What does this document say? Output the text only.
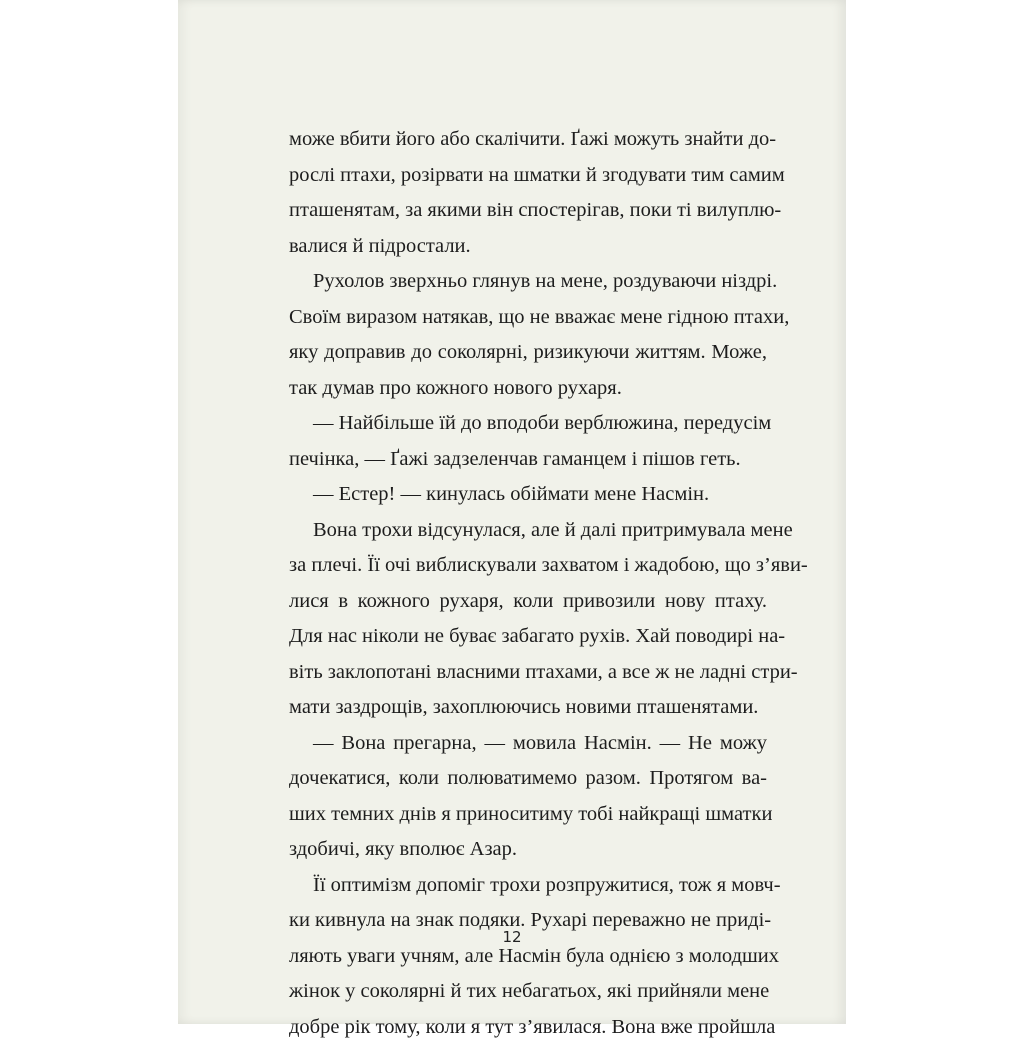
може вбити його або скалічити. Ґажі можуть знайти до-
рослі птахи, розірвати на шматки й згодувати тим самим
пташенятам, за якими він спостерігав, поки ті вилуплю-
валися й підростали.
Рухолов зверхньо глянув на мене, роздуваючи ніздрі.
Своїм виразом натякав, що не вважає мене гідною птахи,
яку доправив до соколярні, ризикуючи життям. Може,
так думав про кожного нового рухаря.
— Найбільше їй до вподоби верблюжина, передусім
печінка, — Ґажі задзеленчав гаманцем і пішов геть.
— Естер! — кинулась обіймати мене Насмін.
Вона трохи відсунулася, але й далі притримувала мене
за плечі. Її очі виблискували захватом і жадобою, що з’яви-
лися в кожного рухаря, коли привозили нову птаху.
Для нас ніколи не буває забагато рухів. Хай поводирі на-
віть заклопотані власними птахами, а все ж не ладні стри-
мати заздрощів, захоплюючись новими пташенятами.
— Вона прегарна, — мовила Насмін. — Не можу
дочекатися, коли полюватимемо разом. Протягом ва-
ших темних днів я приноситиму тобі найкращі шматки
здобичі, яку вполює Азар.
Її оптимізм допоміг трохи розпружитися, тож я мовч-
ки кивнула на знак подяки. Рухарі переважно не приді-
ляють уваги учням, але Насмін була однією з молодших
жінок у соколярні й тих небагатьох, які прийняли мене
добре рік тому, коли я тут з’явилася. Вона вже пройшла
12
